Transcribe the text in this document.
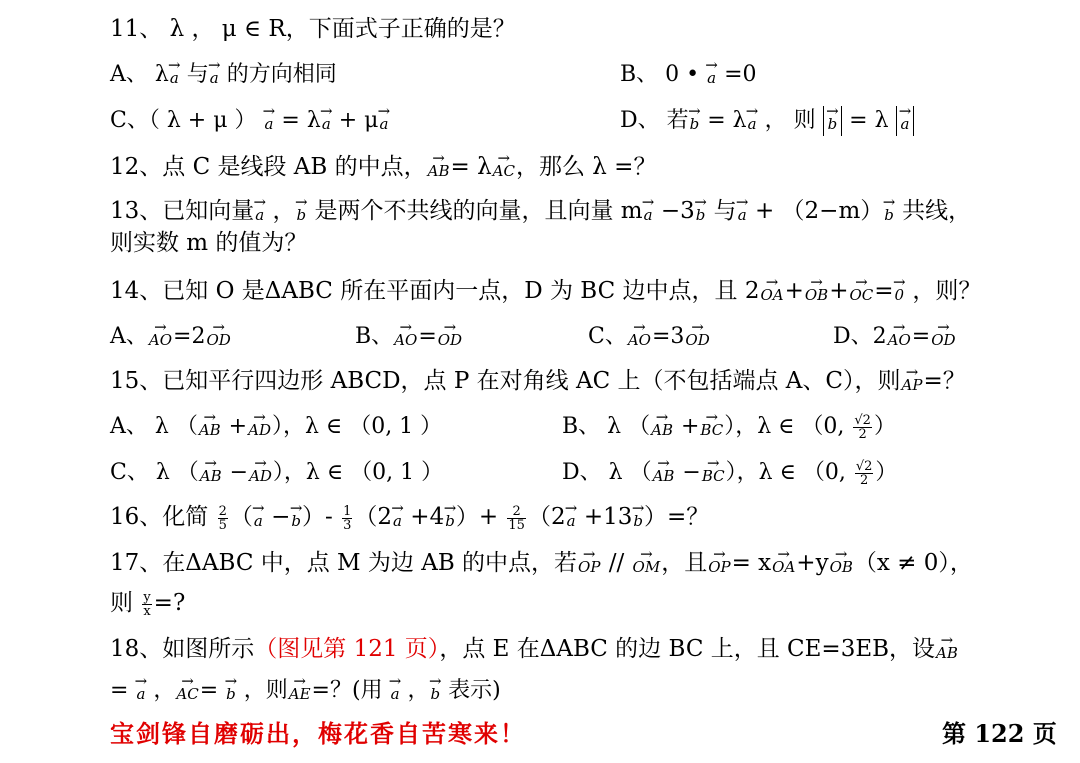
11、 λ ， μ ∈ R，下面式子正确的是？
A、 λ→ a 与→ a 的方向相同	B、 0 • → a =0
C、（ λ + μ ） → a = λ→ a + μ→ a	D、 若→ b = λ→ a ， 则 → b = λ → a
12、点 C 是线段 AB 的中点，→ AB= λ→ AC，那么 λ =？
13、已知向量→ a ，→ b 是两个不共线的向量，且向量 m→ a −3→ b 与→ a + （2−m）→ b 共线，
则实数 m 的值为？
14、已知 O 是ΔABC 所在平面内一点，D 为 BC 边中点，且 2→ OA+→ OB+→ OC=→ 0 ，则？
A、→ AO=2→ OD	B、→ AO=→ OD	C、→ AO=3→ OD	D、2→ AO=→ OD
15、已知平行四边形 ABCD，点 P 在对角线 AC 上（不包括端点 A、C），则→ AP=？
A、 λ （→ AB +→ AD），λ ∈ （0, 1 ）	B、 λ （→ AB +→ BC），λ ∈ （0, $\frac{√2}{2}$ ）
C、 λ （→ AB −→ AD），λ ∈ （0, 1 ）	D、 λ （→ AB −→ BC），λ ∈ （0, $\frac{√2}{2}$ ）
16、化简 $\frac{2}{5}$ （→ $a -\to b)- \frac{1}{3} (2\to a +4\to b)+ \frac{2}{15} (2\to a +13\to b)=$？
17、在ΔABC 中，点 M 为边 AB 的中点，若→ OP // → OM，且→ OP= x→ OA+y→ OB（x ≠ 0），
则 $\frac{y}{x}$ =?
18、如图所示（图见第 121 页），点 E 在ΔABC 的边 BC 上，且 CE=3EB，设→ AB
= → a ，→ AC= → b ，则→ AE=？(用 → a ，→ b 表示)
宝剑锋自磨砺出，梅花香自苦寒来！	第 122 页
